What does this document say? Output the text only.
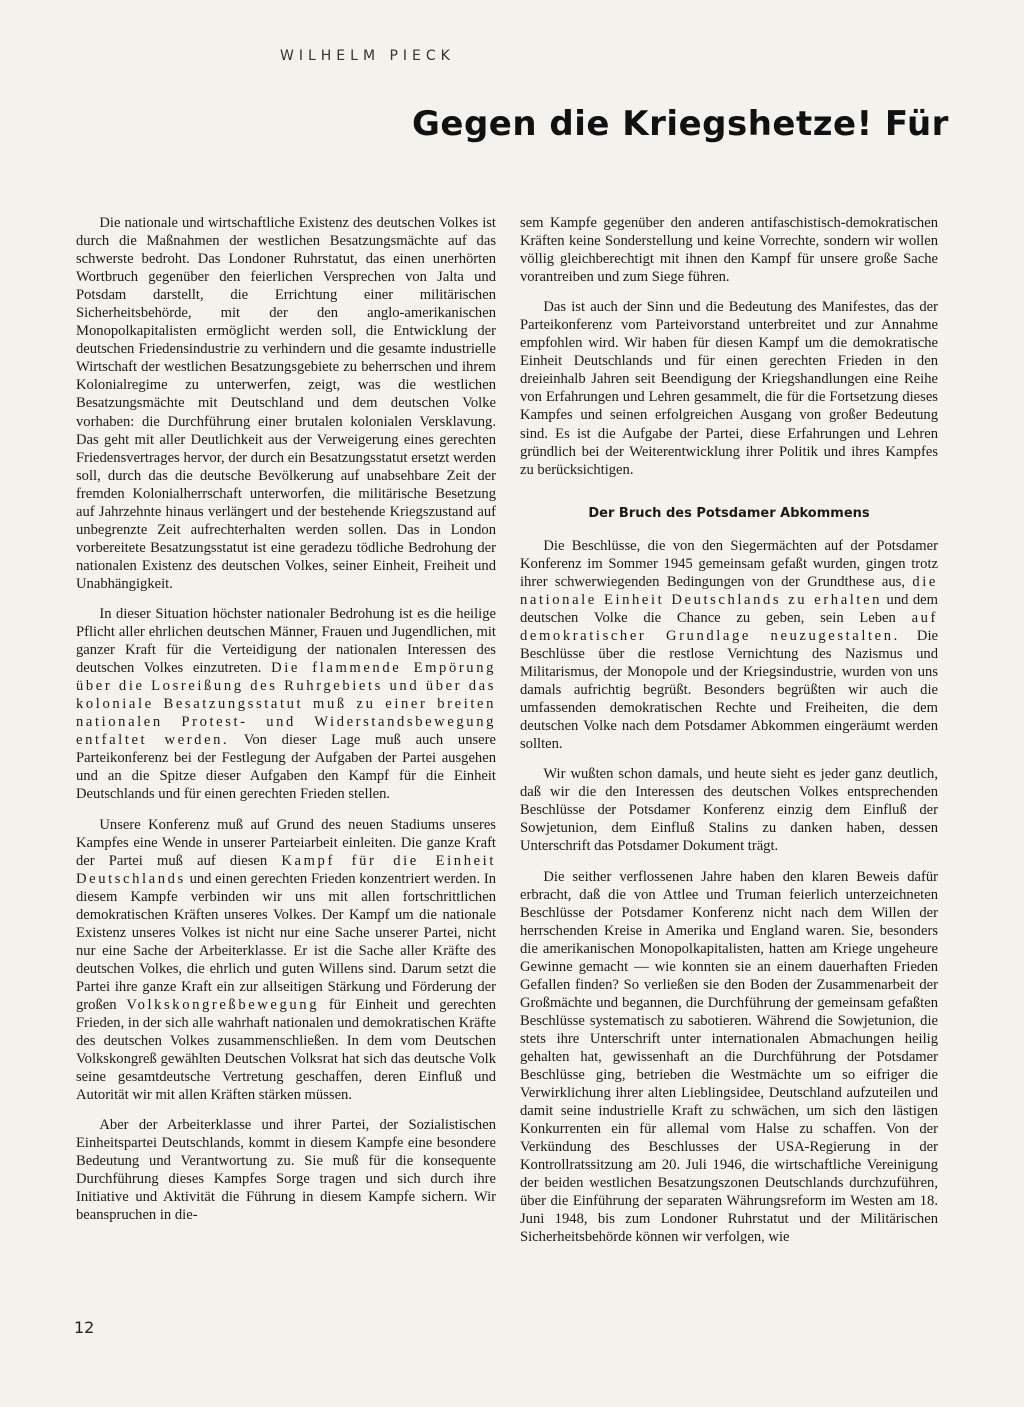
WILHELM PIECK
Gegen die Kriegshetze! Für

Die nationale und wirtschaftliche Existenz des deutschen Volkes ist durch die Maßnahmen der westlichen Besatzungsmächte auf das schwerste bedroht. Das Londoner Ruhrstatut, das einen unerhörten Wortbruch gegenüber den feierlichen Versprechen von Jalta und Potsdam darstellt, die Errichtung einer militärischen Sicherheitsbehörde, mit der den anglo-amerikanischen Monopolkapitalisten ermöglicht werden soll, die Entwicklung der deutschen Friedensindustrie zu verhindern und die gesamte industrielle Wirtschaft der westlichen Besatzungsgebiete zu beherrschen und ihrem Kolonialregime zu unterwerfen, zeigt, was die westlichen Besatzungsmächte mit Deutschland und dem deutschen Volke vorhaben: die Durchführung einer brutalen kolonialen Versklavung. Das geht mit aller Deutlichkeit aus der Verweigerung eines gerechten Friedensvertrages hervor, der durch ein Besatzungsstatut ersetzt werden soll, durch das die deutsche Bevölkerung auf unabsehbare Zeit der fremden Kolonialherrschaft unterworfen, die militärische Besetzung auf Jahrzehnte hinaus verlängert und der bestehende Kriegszustand auf unbegrenzte Zeit aufrechterhalten werden sollen. Das in London vorbereitete Besatzungsstatut ist eine geradezu tödliche Bedrohung der nationalen Existenz des deutschen Volkes, seiner Einheit, Freiheit und Unabhängigkeit.

In dieser Situation höchster nationaler Bedrohung ist es die heilige Pflicht aller ehrlichen deutschen Männer, Frauen und Jugendlichen, mit ganzer Kraft für die Verteidigung der nationalen Interessen des deutschen Volkes einzutreten. Die flammende Empörung über die Losreißung des Ruhrgebiets und über das koloniale Besatzungsstatut muß zu einer breiten nationalen Protest- und Widerstandsbewegung entfaltet werden. Von dieser Lage muß auch unsere Parteikonferenz bei der Festlegung der Aufgaben der Partei ausgehen und an die Spitze dieser Aufgaben den Kampf für die Einheit Deutschlands und für einen gerechten Frieden stellen.

Unsere Konferenz muß auf Grund des neuen Stadiums unseres Kampfes eine Wende in unserer Parteiarbeit einleiten. Die ganze Kraft der Partei muß auf diesen Kampf für die Einheit Deutschlands und einen gerechten Frieden konzentriert werden. In diesem Kampfe verbinden wir uns mit allen fortschrittlichen demokratischen Kräften unseres Volkes. Der Kampf um die nationale Existenz unseres Volkes ist nicht nur eine Sache unserer Partei, nicht nur eine Sache der Arbeiterklasse. Er ist die Sache aller Kräfte des deutschen Volkes, die ehrlich und guten Willens sind. Darum setzt die Partei ihre ganze Kraft ein zur allseitigen Stärkung und Förderung der großen Volkskongreßbewegung für Einheit und gerechten Frieden, in der sich alle wahrhaft nationalen und demokratischen Kräfte des deutschen Volkes zusammenschließen. In dem vom Deutschen Volkskongreß gewählten Deutschen Volksrat hat sich das deutsche Volk seine gesamtdeutsche Vertretung geschaffen, deren Einfluß und Autorität wir mit allen Kräften stärken müssen.

Aber der Arbeiterklasse und ihrer Partei, der Sozialistischen Einheitspartei Deutschlands, kommt in diesem Kampfe eine besondere Bedeutung und Verantwortung zu. Sie muß für die konsequente Durchführung dieses Kampfes Sorge tragen und sich durch ihre Initiative und Aktivität die Führung in diesem Kampfe sichern. Wir beanspruchen in die-

sem Kampfe gegenüber den anderen antifaschistisch-demokratischen Kräften keine Sonderstellung und keine Vorrechte, sondern wir wollen völlig gleichberechtigt mit ihnen den Kampf für unsere große Sache vorantreiben und zum Siege führen.

Das ist auch der Sinn und die Bedeutung des Manifestes, das der Parteikonferenz vom Parteivorstand unterbreitet und zur Annahme empfohlen wird. Wir haben für diesen Kampf um die demokratische Einheit Deutschlands und für einen gerechten Frieden in den dreieinhalb Jahren seit Beendigung der Kriegshandlungen eine Reihe von Erfahrungen und Lehren gesammelt, die für die Fortsetzung dieses Kampfes und seinen erfolgreichen Ausgang von großer Bedeutung sind. Es ist die Aufgabe der Partei, diese Erfahrungen und Lehren gründlich bei der Weiterentwicklung ihrer Politik und ihres Kampfes zu berücksichtigen.

Der Bruch des Potsdamer Abkommens

Die Beschlüsse, die von den Siegermächten auf der Potsdamer Konferenz im Sommer 1945 gemeinsam gefaßt wurden, gingen trotz ihrer schwerwiegenden Bedingungen von der Grundthese aus, die nationale Einheit Deutschlands zu erhalten und dem deutschen Volke die Chance zu geben, sein Leben auf demokratischer Grundlage neuzugestalten. Die Beschlüsse über die restlose Vernichtung des Nazismus und Militarismus, der Monopole und der Kriegsindustrie, wurden von uns damals aufrichtig begrüßt. Besonders begrüßten wir auch die umfassenden demokratischen Rechte und Freiheiten, die dem deutschen Volke nach dem Potsdamer Abkommen eingeräumt werden sollten.

Wir wußten schon damals, und heute sieht es jeder ganz deutlich, daß wir die den Interessen des deutschen Volkes entsprechenden Beschlüsse der Potsdamer Konferenz einzig dem Einfluß der Sowjetunion, dem Einfluß Stalins zu danken haben, dessen Unterschrift das Potsdamer Dokument trägt.

Die seither verflossenen Jahre haben den klaren Beweis dafür erbracht, daß die von Attlee und Truman feierlich unterzeichneten Beschlüsse der Potsdamer Konferenz nicht nach dem Willen der herrschenden Kreise in Amerika und England waren. Sie, besonders die amerikanischen Monopolkapitalisten, hatten am Kriege ungeheure Gewinne gemacht — wie konnten sie an einem dauerhaften Frieden Gefallen finden? So verließen sie den Boden der Zusammenarbeit der Großmächte und begannen, die Durchführung der gemeinsam gefaßten Beschlüsse systematisch zu sabotieren. Während die Sowjetunion, die stets ihre Unterschrift unter internationalen Abmachungen heilig gehalten hat, gewissenhaft an die Durchführung der Potsdamer Beschlüsse ging, betrieben die Westmächte um so eifriger die Verwirklichung ihrer alten Lieblingsidee, Deutschland aufzuteilen und damit seine industrielle Kraft zu schwächen, um sich den lästigen Konkurrenten ein für allemal vom Halse zu schaffen. Von der Verkündung des Beschlusses der USA-Regierung in der Kontrollratssitzung am 20. Juli 1946, die wirtschaftliche Vereinigung der beiden westlichen Besatzungszonen Deutschlands durchzuführen, über die Einführung der separaten Währungsreform im Westen am 18. Juni 1948, bis zum Londoner Ruhrstatut und der Militärischen Sicherheitsbehörde können wir verfolgen, wie

12
